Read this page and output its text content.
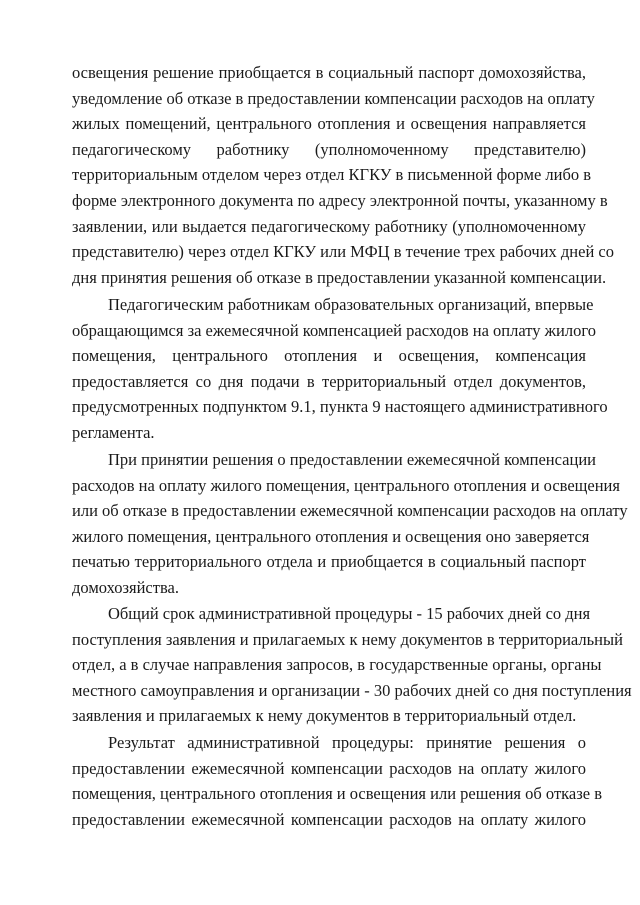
освещения решение приобщается в социальный паспорт домохозяйства,
уведомление об отказе в предоставлении компенсации расходов на оплату
жилых помещений, центрального отопления и освещения направляется
педагогическому работнику (уполномоченному представителю)
территориальным отделом через отдел КГКУ в письменной форме либо в
форме электронного документа по адресу электронной почты, указанному в
заявлении, или выдается педагогическому работнику (уполномоченному
представителю) через отдел КГКУ или МФЦ в течение трех рабочих дней со
дня принятия решения об отказе в предоставлении указанной компенсации.
Педагогическим работникам образовательных организаций, впервые
обращающимся за ежемесячной компенсацией расходов на оплату жилого
помещения, центрального отопления и освещения, компенсация
предоставляется со дня подачи в территориальный отдел документов,
предусмотренных подпунктом 9.1, пункта 9 настоящего административного
регламента.
При принятии решения о предоставлении ежемесячной компенсации
расходов на оплату жилого помещения, центрального отопления и освещения
или об отказе в предоставлении ежемесячной компенсации расходов на оплату
жилого помещения, центрального отопления и освещения оно заверяется
печатью территориального отдела и приобщается в социальный паспорт
домохозяйства.
Общий срок административной процедуры - 15 рабочих дней со дня
поступления заявления и прилагаемых к нему документов в территориальный
отдел, а в случае направления запросов, в государственные органы, органы
местного самоуправления и организации - 30 рабочих дней со дня поступления
заявления и прилагаемых к нему документов в территориальный отдел.
Результат административной процедуры: принятие решения о
предоставлении ежемесячной компенсации расходов на оплату жилого
помещения, центрального отопления и освещения или решения об отказе в
предоставлении ежемесячной компенсации расходов на оплату жилого
